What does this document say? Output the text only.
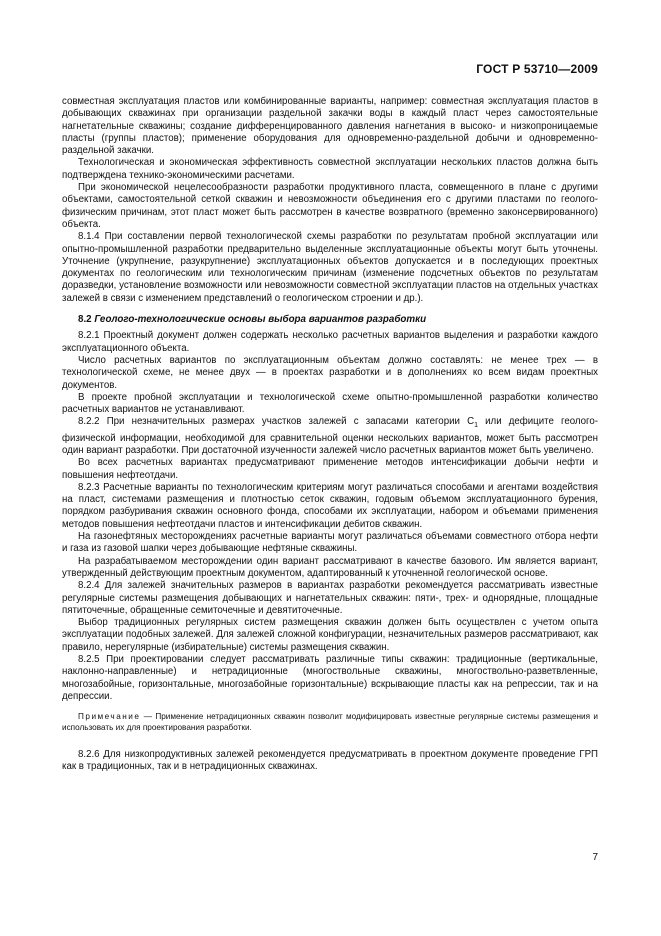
ГОСТ Р 53710—2009

совместная эксплуатация пластов или комбинированные варианты, например: совместная эксплуатация пластов в добывающих скважинах при организации раздельной закачки воды в каждый пласт через самостоятельные нагнетательные скважины; создание дифференцированного давления нагнетания в высоко- и низкопроницаемые пласты (группы пластов); применение оборудования для одновременно-раздельной добычи и одновременно-раздельной закачки.

Технологическая и экономическая эффективность совместной эксплуатации нескольких пластов должна быть подтверждена технико-экономическими расчетами.

При экономической нецелесообразности разработки продуктивного пласта, совмещенного в плане с другими объектами, самостоятельной сеткой скважин и невозможности объединения его с другими пластами по геолого-физическим причинам, этот пласт может быть рассмотрен в качестве возвратного (временно законсервированного) объекта.

8.1.4 При составлении первой технологической схемы разработки по результатам пробной эксплуатации или опытно-промышленной разработки предварительно выделенные эксплуатационные объекты могут быть уточнены. Уточнение (укрупнение, разукрупнение) эксплуатационных объектов допускается и в последующих проектных документах по геологическим или технологическим причинам (изменение подсчетных объектов по результатам доразведки, установление возможности или невозможности совместной эксплуатации пластов на отдельных участках залежей в связи с изменением представлений о геологическом строении и др.).

8.2 Геолого-технологические основы выбора вариантов разработки

8.2.1 Проектный документ должен содержать несколько расчетных вариантов выделения и разработки каждого эксплуатационного объекта.

Число расчетных вариантов по эксплуатационным объектам должно составлять: не менее трех — в технологической схеме, не менее двух — в проектах разработки и в дополнениях ко всем видам проектных документов.

В проекте пробной эксплуатации и технологической схеме опытно-промышленной разработки количество расчетных вариантов не устанавливают.

8.2.2 При незначительных размерах участков залежей с запасами категории $С_1$ или дефиците геолого-физической информации, необходимой для сравнительной оценки нескольких вариантов, может быть рассмотрен один вариант разработки. При достаточной изученности залежей число расчетных вариантов может быть увеличено.

Во всех расчетных вариантах предусматривают применение методов интенсификации добычи нефти и повышения нефтеотдачи.

8.2.3 Расчетные варианты по технологическим критериям могут различаться способами и агентами воздействия на пласт, системами размещения и плотностью сеток скважин, годовым объемом эксплуатационного бурения, порядком разбуривания скважин основного фонда, способами их эксплуатации, набором и объемами применения методов повышения нефтеотдачи пластов и интенсификации дебитов скважин.

На газонефтяных месторождениях расчетные варианты могут различаться объемами совместного отбора нефти и газа из газовой шапки через добывающие нефтяные скважины.

На разрабатываемом месторождении один вариант рассматривают в качестве базового. Им является вариант, утвержденный действующим проектным документом, адаптированный к уточненной геологической основе.

8.2.4 Для залежей значительных размеров в вариантах разработки рекомендуется рассматривать известные регулярные системы размещения добывающих и нагнетательных скважин: пяти-, трех- и однорядные, площадные пятиточечные, обращенные семиточечные и девятиточечные.

Выбор традиционных регулярных систем размещения скважин должен быть осуществлен с учетом опыта эксплуатации подобных залежей. Для залежей сложной конфигурации, незначительных размеров рассматривают, как правило, нерегулярные (избирательные) системы размещения скважин.

8.2.5 При проектировании следует рассматривать различные типы скважин: традиционные (вертикальные, наклонно-направленные) и нетрадиционные (многоствольные скважины, многоствольно-разветвленные, многозабойные, горизонтальные, многозабойные горизонтальные) вскрывающие пласты как на репрессии, так и на депрессии.

Примечание — Применение нетрадиционных скважин позволит модифицировать известные регулярные системы размещения и использовать их для проектирования разработки.

8.2.6 Для низкопродуктивных залежей рекомендуется предусматривать в проектном документе проведение ГРП как в традиционных, так и в нетрадиционных скважинах.

7
